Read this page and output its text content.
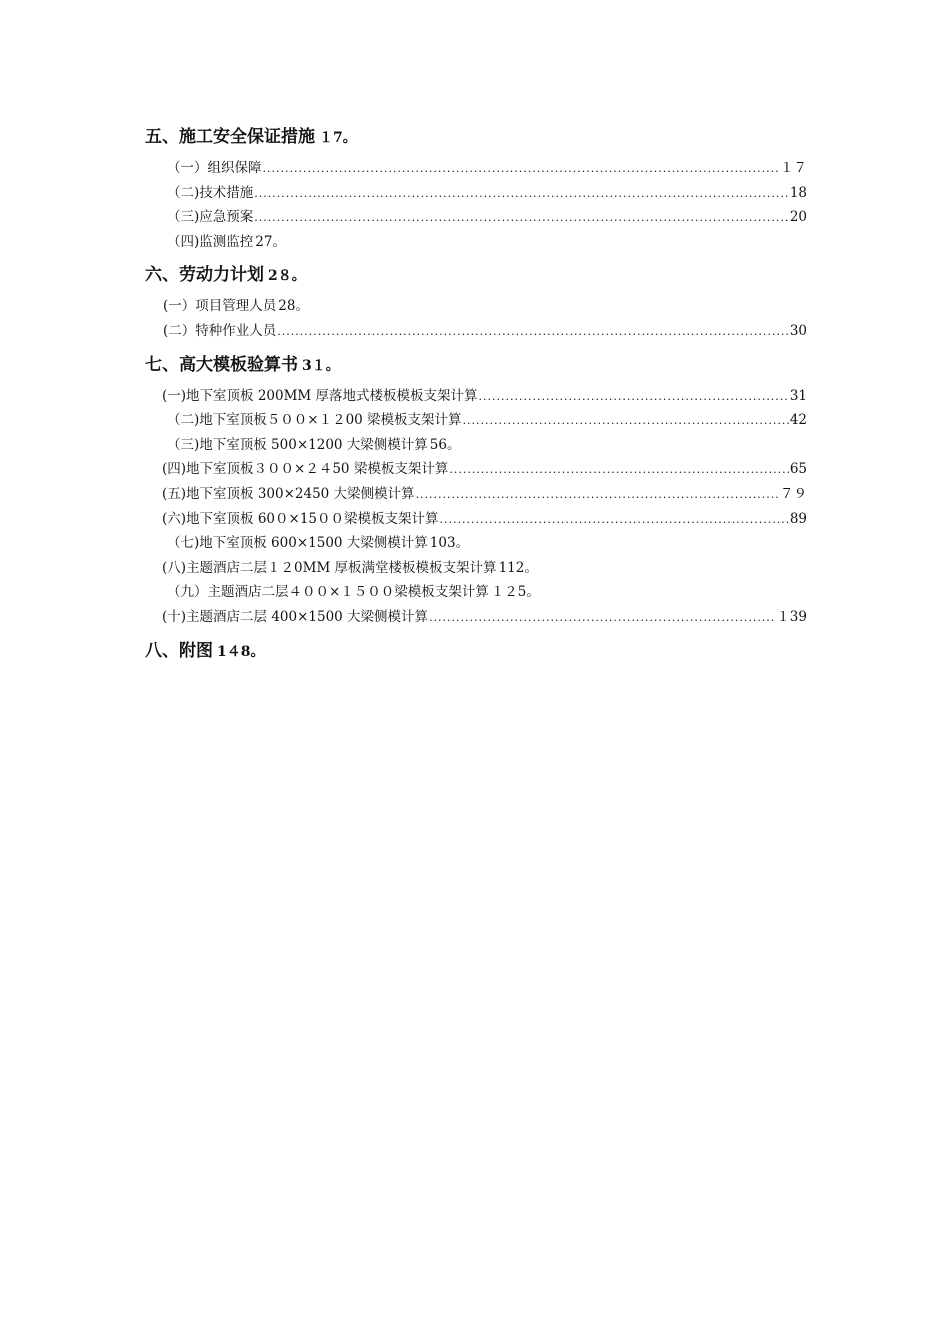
五、施工安全保证措施 １7｡
（一）组织保障 .....	１７
（二)技术措施 .....	18
（三)应急预案 .....	20
（四)监测监控 27｡
六、劳动力计划 2８｡
(一）项目管理人员 28｡
(二）特种作业人员 .....	30
七、高大模板验算书 3１｡
(一)地下室顶板 200MM 厚落地式楼板模板支架计算 .....	31
（二)地下室顶板５００×１２00 梁模板支架计算 .....	42
（三)地下室顶板 500×1200 大梁侧模计算 56｡
(四)地下室顶板３００×２４50 梁模板支架计算 .....	65
(五)地下室顶板 300×2450 大梁侧模计算 .....	７９
(六)地下室顶板 60０×15００梁模板支架计算 .....	89
（七)地下室顶板 600×1500 大梁侧模计算 103｡
(八)主题酒店二层１２0MM 厚板满堂楼板模板支架计算 112｡
（九）主题酒店二层４００×１５００梁模板支架计算 １２5｡
(十)主题酒店二层 400×1500 大梁侧模计算 .....	１39
八、附图 1４8｡
